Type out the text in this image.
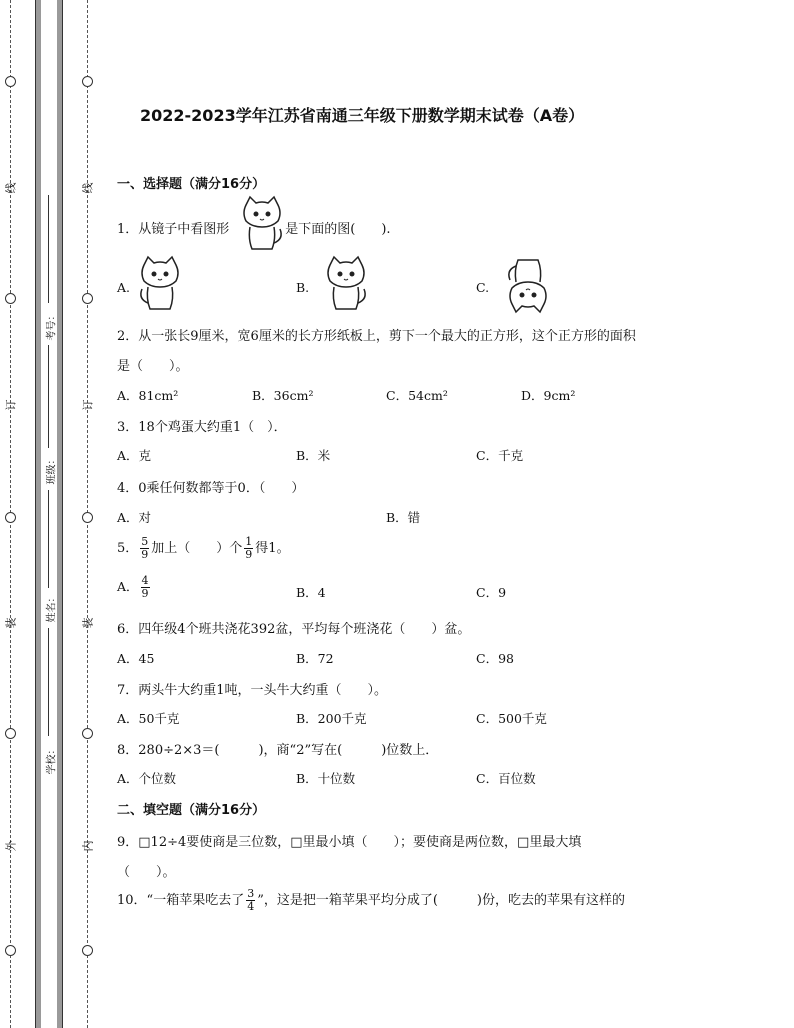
线
订
装
外
线
订
装
内
考号：
班级：
姓名：
学校：
2022-2023学年江苏省南通三年级下册数学期末试卷（A卷）
一、选择题（满分16分）
1．从镜子中看图形	是下面的图(　　).
A.	B.	C.
2．从一张长9厘米，宽6厘米的长方形纸板上，剪下一个最大的正方形，这个正方形的面积
是（　　）。
A．81cm²	B．36cm²	C．54cm²	D．9cm²
3．18个鸡蛋大约重1（　）．
A．克	B．米	C．千克
4．0乘任何数都等于0．（　　）
A．对	B．错
5． $\frac{5}{9}$ 加上（　　）个 $\frac{1}{9}$ 得1。
A． $\frac{4}{9}$	B．4	C．9
6．四年级4个班共浇花392盆，平均每个班浇花（　　）盆。
A．45	B．72	C．98
7．两头牛大约重1吨，一头牛大约重（　　）。
A．50千克	B．200千克	C．500千克
8．280÷2×3＝(　　　)，商“2”写在(　　　)位数上．
A．个位数	B．十位数	C．百位数
二、填空题（满分16分）
9．□12÷4要使商是三位数，□里最小填（　　）；要使商是两位数，□里最大填
（　　）。
10．“一箱苹果吃去了 $\frac{3}{4}$ ”，这是把一箱苹果平均分成了(　　　)份，吃去的苹果有这样的
